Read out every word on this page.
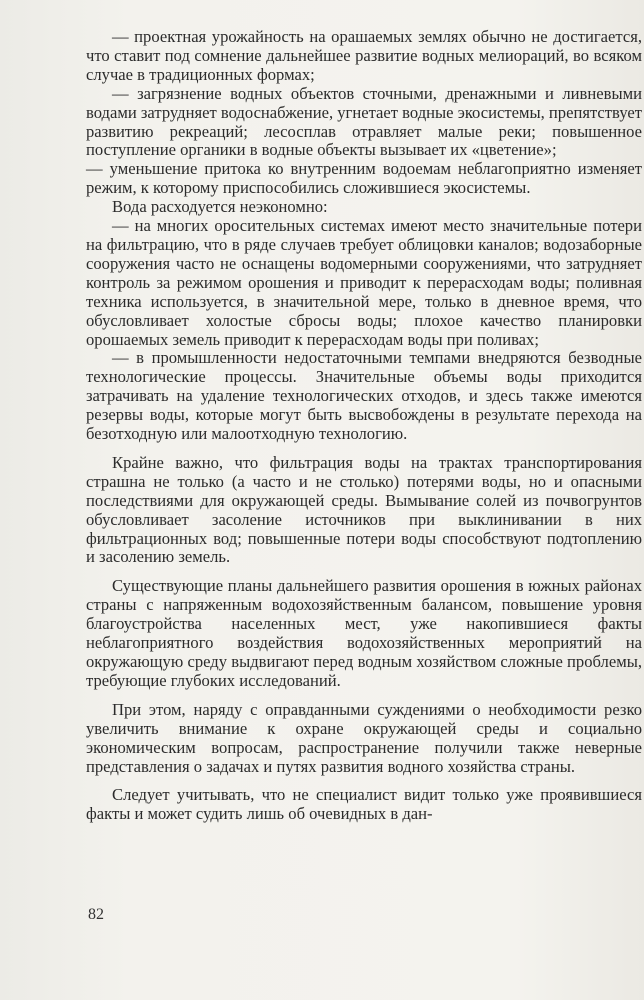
— проектная урожайность на орашаемых землях обычно не достигается, что ставит под сомнение дальнейшее развитие водных мелиораций, во всяком случае в традиционных формах;

— загрязнение водных объектов сточными, дренажными и ливневыми водами затрудняет водоснабжение, угнетает водные экосистемы, препятствует развитию рекреаций; лесосплав отравляет малые реки; повышенное поступление органики в водные объекты вызывает их «цветение»;

— уменьшение притока ко внутренним водоемам неблагоприятно изменяет режим, к которому приспособились сложившиеся экосистемы.

Вода расходуется неэкономно:

— на многих оросительных системах имеют место значительные потери на фильтрацию, что в ряде случаев требует облицовки каналов; водозаборные сооружения часто не оснащены водомерными сооружениями, что затрудняет контроль за режимом орошения и приводит к перерасходам воды; поливная техника используется, в значительной мере, только в дневное время, что обусловливает холостые сбросы воды; плохое качество планировки орошаемых земель приводит к перерасходам воды при поливах;

— в промышленности недостаточными темпами внедряются безводные технологические процессы. Значительные объемы воды приходится затрачивать на удаление технологических отходов, и здесь также имеются резервы воды, которые могут быть высвобождены в результате перехода на безотходную или малоотходную технологию.

Крайне важно, что фильтрация воды на трактах транспортирования страшна не только (а часто и не столько) потерями воды, но и опасными последствиями для окружающей среды. Вымывание солей из почвогрунтов обусловливает засоление источников при выклинивании в них фильтрационных вод; повышенные потери воды способствуют подтоплению и засолению земель.

Существующие планы дальнейшего развития орошения в южных районах страны с напряженным водохозяйственным балансом, повышение уровня благоустройства населенных мест, уже накопившиеся факты неблагоприятного воздействия водохозяйственных мероприятий на окружающую среду выдвигают перед водным хозяйством сложные проблемы, требующие глубоких исследований.

При этом, наряду с оправданными суждениями о необходимости резко увеличить внимание к охране окружающей среды и социально экономическим вопросам, распространение получили также неверные представления о задачах и путях развития водного хозяйства страны.

Следует учитывать, что не специалист видит только уже проявившиеся факты и может судить лишь об очевидных в дан-

82
